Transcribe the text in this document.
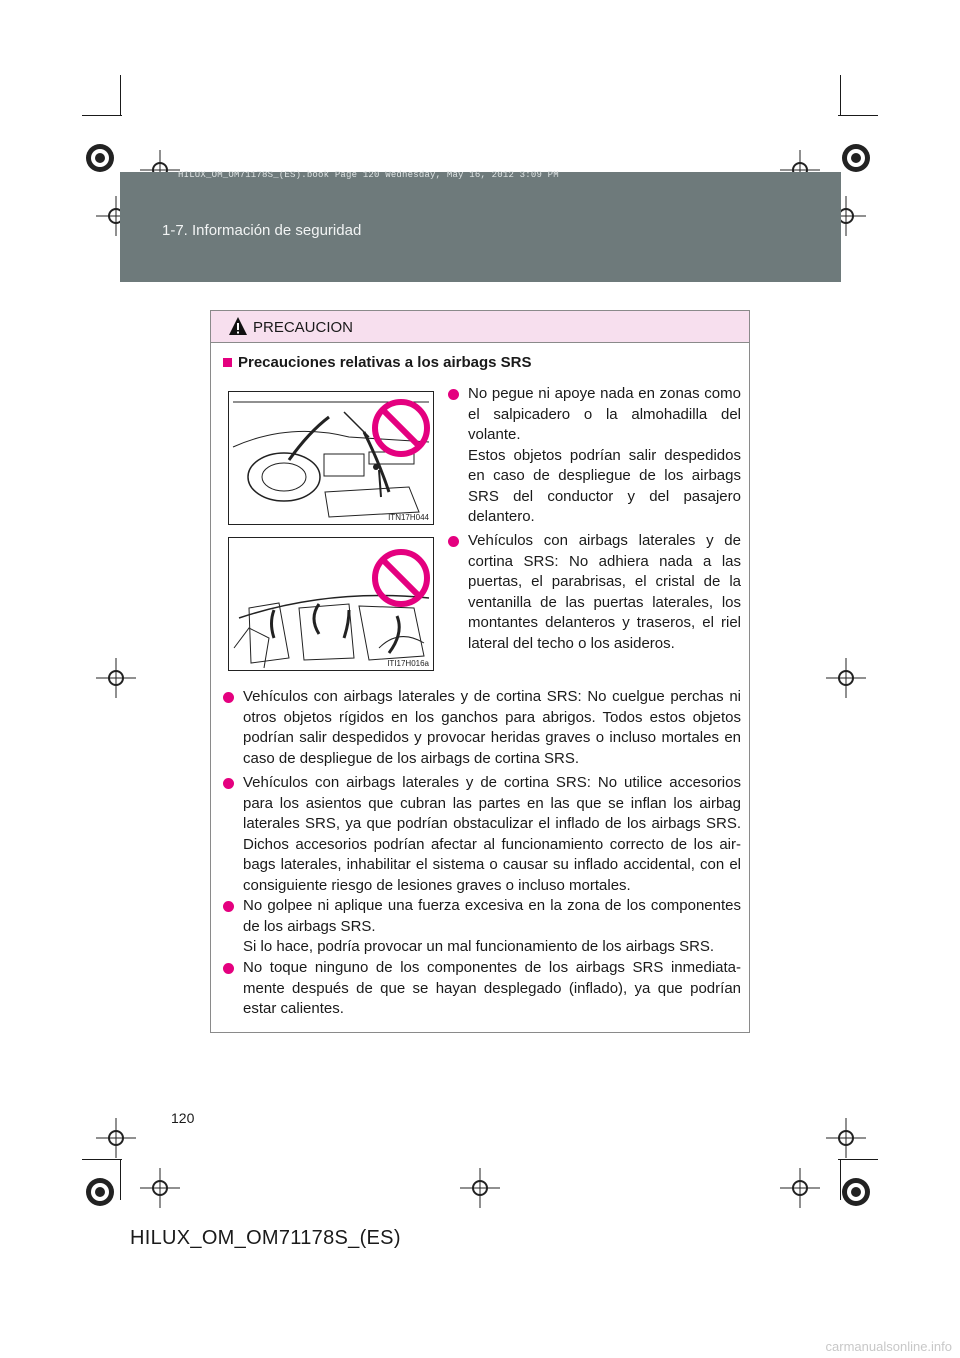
HILUX_OM_OM71178S_(ES).book Page 120 Wednesday, May 16, 2012 3:09 PM
1-7. Información de seguridad
PRECAUCION
Precauciones relativas a los airbags SRS
ITN17H044
ITI17H016a
No pegue ni apoye nada en zonas como el salpicadero o la almohadilla del volante.
Estos objetos podrían salir despedidos en caso de despliegue de los airbags SRS del conductor y del pasajero delantero.
Vehículos con airbags laterales y de cortina SRS: No adhiera nada a las puertas, el parabrisas, el cristal de la ventanilla de las puertas laterales, los montantes delanteros y traseros, el riel lateral del techo o los asideros.
Vehículos con airbags laterales y de cortina SRS: No cuelgue perchas ni otros objetos rígidos en los ganchos para abrigos. Todos estos objetos podrían salir despedidos y provocar heridas graves o incluso mortales en caso de despliegue de los airbags de cortina SRS.
Vehículos con airbags laterales y de cortina SRS: No utilice accesorios para los asientos que cubran las partes en las que se inflan los airbag laterales SRS, ya que podrían obstaculizar el inflado de los airbags SRS. Dichos accesorios podrían afectar al funcionamiento correcto de los air-bags laterales, inhabilitar el sistema o causar su inflado accidental, con el consiguiente riesgo de lesiones graves o incluso mortales.
No golpee ni aplique una fuerza excesiva en la zona de los componentes de los airbags SRS.
Si lo hace, podría provocar un mal funcionamiento de los airbags SRS.
No toque ninguno de los componentes de los airbags SRS inmediata-mente después de que se hayan desplegado (inflado), ya que podrían estar calientes.
120
HILUX_OM_OM71178S_(ES)
carmanualsonline.info
